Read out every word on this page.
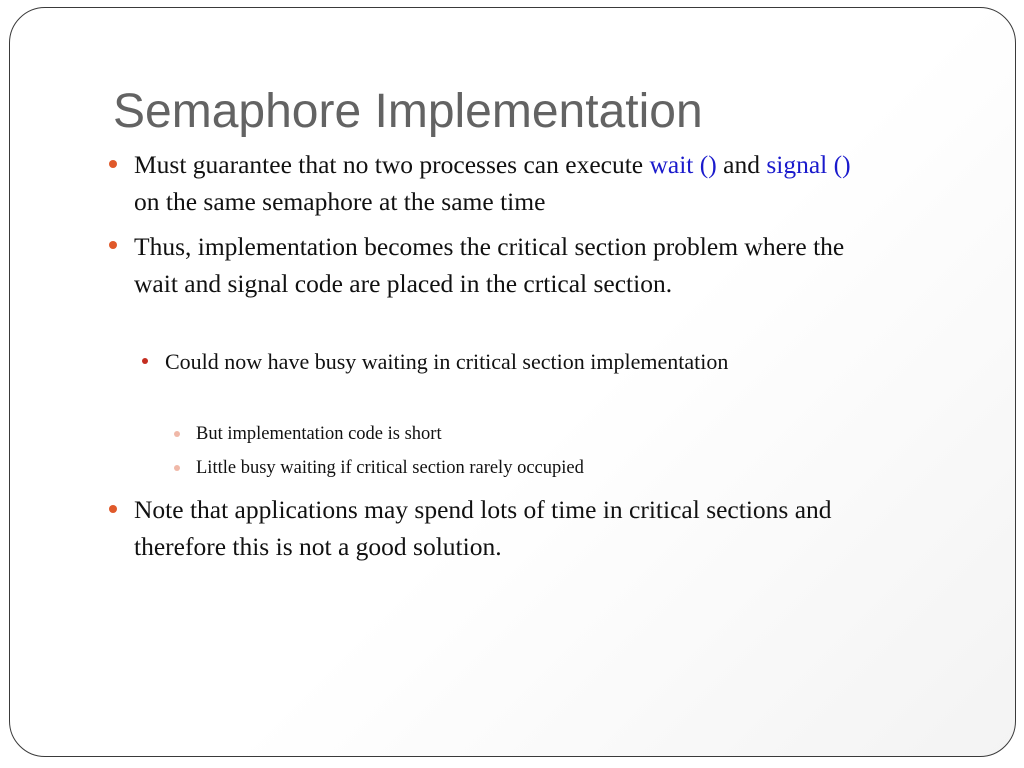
Semaphore Implementation

Must guarantee that no two processes can execute wait () and signal () on the same semaphore at the same time

Thus, implementation becomes the critical section problem where the wait and signal code are placed in the crtical section.

Could now have busy waiting in critical section implementation

But implementation code is short

Little busy waiting if critical section rarely occupied

Note that applications may spend lots of time in critical sections and therefore this is not a good solution.
